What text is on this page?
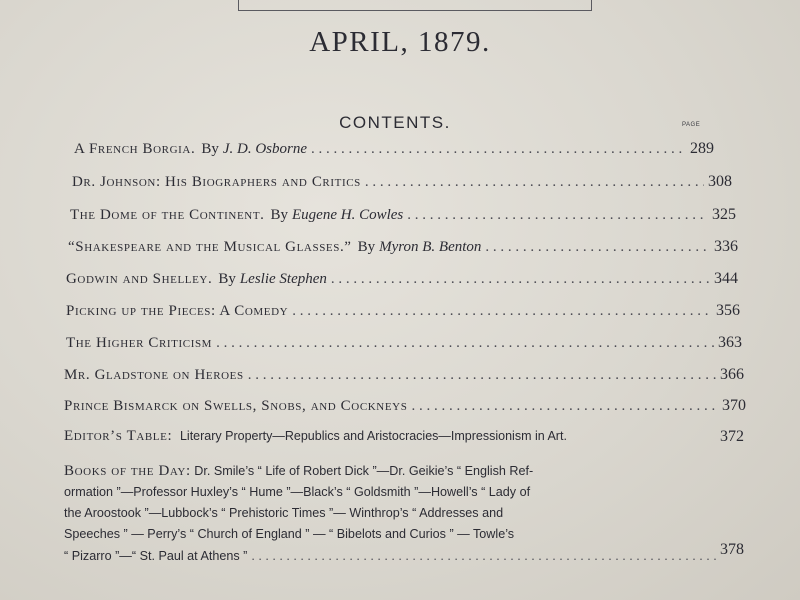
APRIL, 1879.
CONTENTS.	PAGE
A French Borgia. By J. D. Osborne . . .	289
Dr. Johnson: His Biographers and Critics . . .	308
The Dome of the Continent. By Eugene H. Cowles . . .	325
“Shakespeare and the Musical Glasses.” By Myron B. Benton . . .	336
Godwin and Shelley. By Leslie Stephen . . .	344
Picking up the Pieces: A Comedy . . .	356
The Higher Criticism . . .	363
Mr. Gladstone on Heroes . . .	366
Prince Bismarck on Swells, Snobs, and Cockneys . . .	370
Editor’s Table: Literary Property—Republics and Aristocracies—Impressionism in Art.	372
Books of the Day: Dr. Smile’s “ Life of Robert Dick ”—Dr. Geikie’s “ English Ref-
ormation ”—Professor Huxley’s “ Hume ”—Black’s “ Goldsmith ”—Howell’s “ Lady of
the Aroostook ”—Lubbock’s “ Prehistoric Times ”— Winthrop’s “ Addresses and
Speeches ” — Perry’s “ Church of England ” — “ Bibelots and Curios ” — Towle’s
“ Pizarro ”—“ St. Paul at Athens ” . . .	378
